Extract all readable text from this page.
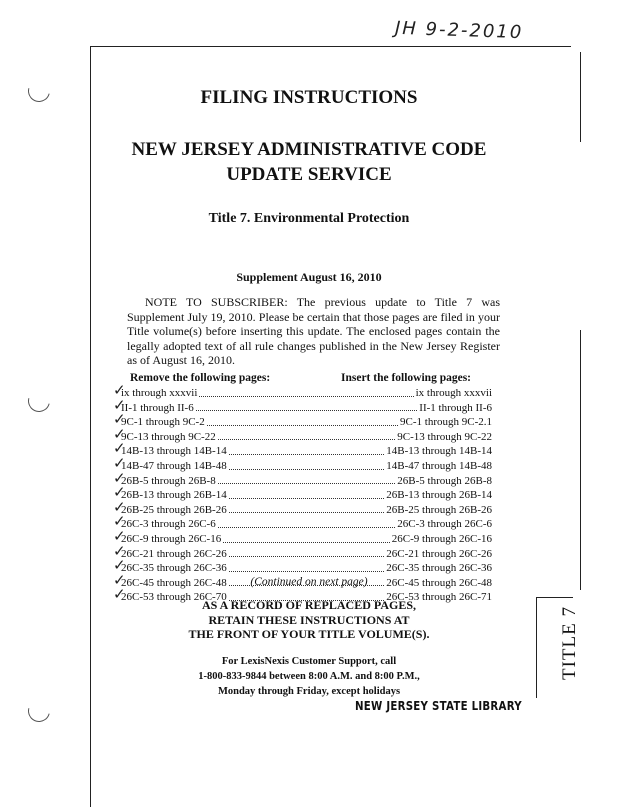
JH 9-2-2010
FILING INSTRUCTIONS
NEW JERSEY ADMINISTRATIVE CODE
UPDATE SERVICE
Title 7. Environmental Protection
Supplement August 16, 2010
NOTE TO SUBSCRIBER: The previous update to Title 7 was Supplement July 19, 2010. Please be certain that those pages are filed in your Title volume(s) before inserting this update. The enclosed pages contain the legally adopted text of all rule changes published in the New Jersey Register as of August 16, 2010.
Remove the following pages:	Insert the following pages:
✓
ix through xxxvii	ix through xxxvii
✓
II-1 through II-6	II-1 through II-6
✓
9C-1 through 9C-2	9C-1 through 9C-2.1
✓
9C-13 through 9C-22	9C-13 through 9C-22
✓
14B-13 through 14B-14	14B-13 through 14B-14
✓
14B-47 through 14B-48	14B-47 through 14B-48
✓
26B-5 through 26B-8	26B-5 through 26B-8
✓
26B-13 through 26B-14	26B-13 through 26B-14
✓
26B-25 through 26B-26	26B-25 through 26B-26
✓
26C-3 through 26C-6	26C-3 through 26C-6
✓
26C-9 through 26C-16	26C-9 through 26C-16
✓
26C-21 through 26C-26	26C-21 through 26C-26
✓
26C-35 through 26C-36	26C-35 through 26C-36
✓
26C-45 through 26C-48	26C-45 through 26C-48
✓
26C-53 through 26C-70	26C-53 through 26C-71
(Continued on next page)
AS A RECORD OF REPLACED PAGES,
RETAIN THESE INSTRUCTIONS AT
THE FRONT OF YOUR TITLE VOLUME(S).
For LexisNexis Customer Support, call
1-800-833-9844 between 8:00 A.M. and 8:00 P.M.,
Monday through Friday, except holidays
NEW JERSEY STATE LIBRARY
TITLE 7
